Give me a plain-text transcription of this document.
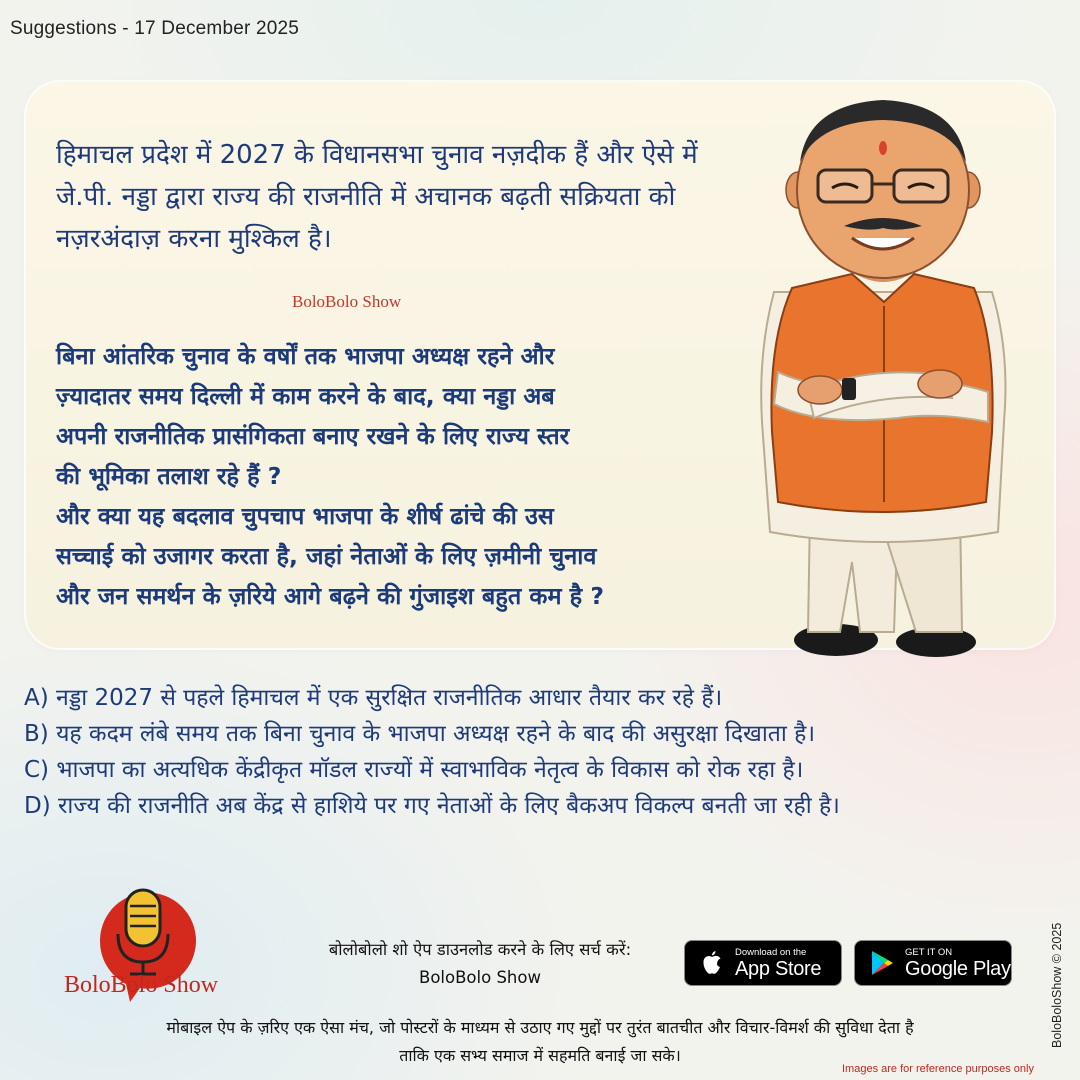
Suggestions - 17 December 2025

हिमाचल प्रदेश में 2027 के विधानसभा चुनाव नज़दीक हैं और ऐसे में जे.पी. नड्डा द्वारा राज्य की राजनीति में अचानक बढ़ती सक्रियता को नज़रअंदाज़ करना मुश्किल है।

BoloBolo Show
बिना आंतरिक चुनाव के वर्षों तक भाजपा अध्यक्ष रहने और
ज़्यादातर समय दिल्ली में काम करने के बाद, क्या नड्डा अब
अपनी राजनीतिक प्रासंगिकता बनाए रखने के लिए राज्य स्तर
की भूमिका तलाश रहे हैं ?
और क्या यह बदलाव चुपचाप भाजपा के शीर्ष ढांचे की उस
सच्चाई को उजागर करता है, जहां नेताओं के लिए ज़मीनी चुनाव
और जन समर्थन के ज़रिये आगे बढ़ने की गुंजाइश बहुत कम है ?
A) नड्डा 2027 से पहले हिमाचल में एक सुरक्षित राजनीतिक आधार तैयार कर रहे हैं।
B) यह कदम लंबे समय तक बिना चुनाव के भाजपा अध्यक्ष रहने के बाद की असुरक्षा दिखाता है।
C) भाजपा का अत्यधिक केंद्रीकृत मॉडल राज्यों में स्वाभाविक नेतृत्व के विकास को रोक रहा है।
D) राज्य की राजनीति अब केंद्र से हाशिये पर गए नेताओं के लिए बैकअप विकल्प बनती जा रही है।
BoloBolo Show
बोलोबोलो शो ऐप डाउनलोड करने के लिए सर्च करें:
BoloBolo Show
Download on the
App Store
GET IT ON
Google Play
मोबाइल ऐप के ज़रिए एक ऐसा मंच, जो पोस्टरों के माध्यम से उठाए गए मुद्दों पर तुरंत बातचीत और विचार-विमर्श की सुविधा देता है
ताकि एक सभ्य समाज में सहमति बनाई जा सके।
Images are for reference purposes only
BoloBoloShow © 2025
